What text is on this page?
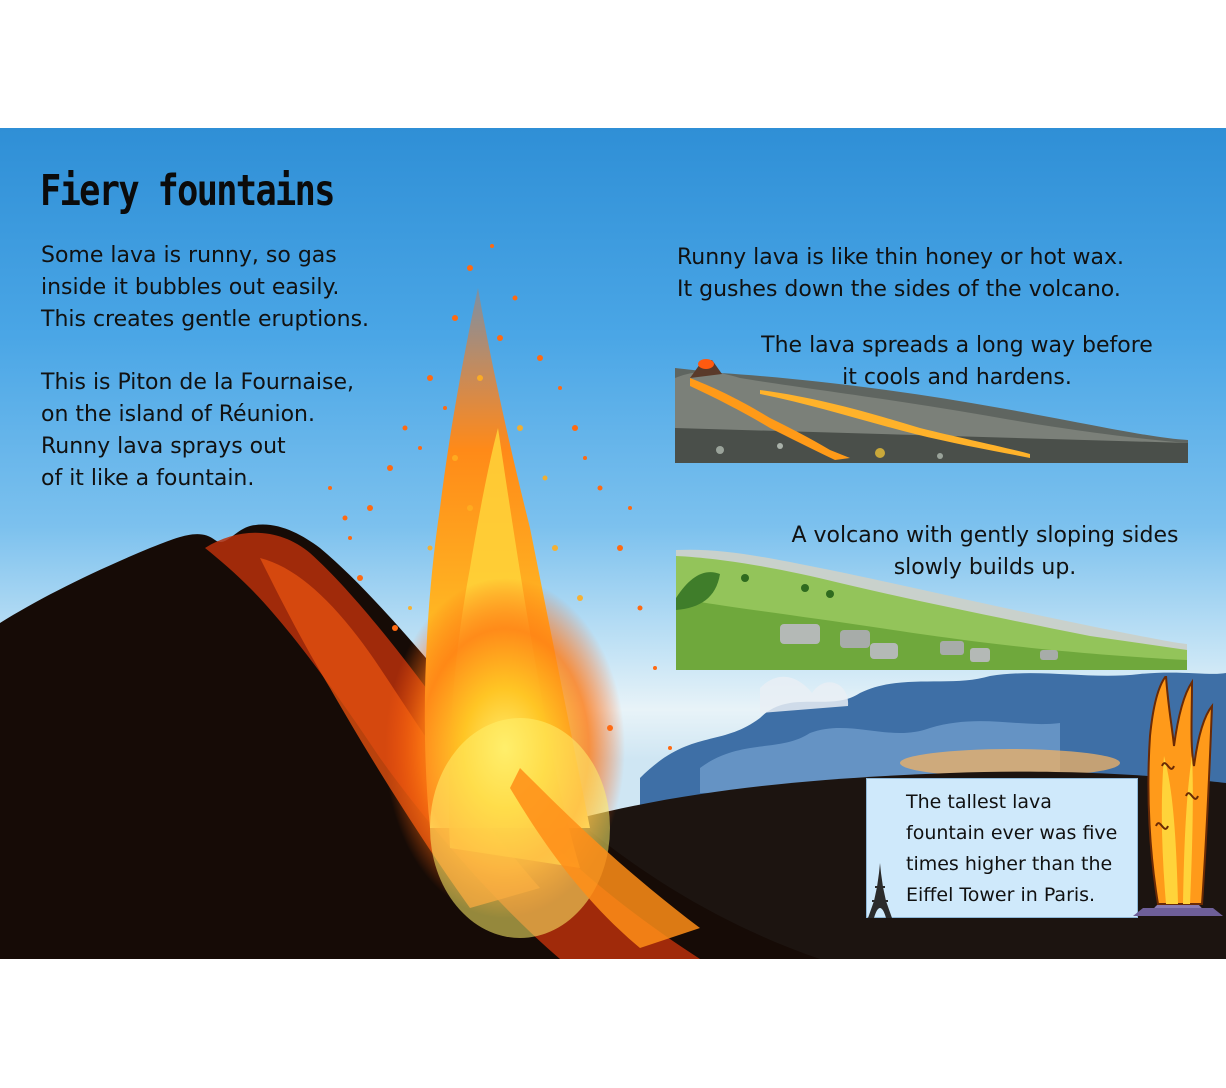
Fiery fountains

Some lava is runny, so gas
inside it bubbles out easily.
This creates gentle eruptions.

This is Piton de la Fournaise,
on the island of Réunion.
Runny lava sprays out
of it like a fountain.

Runny lava is like thin honey or hot wax.
It gushes down the sides of the volcano.

The lava spreads a long way before
it cools and hardens.

A volcano with gently sloping sides
slowly builds up.

The tallest lava
fountain ever was five
times higher than the
Eiffel Tower in Paris.
